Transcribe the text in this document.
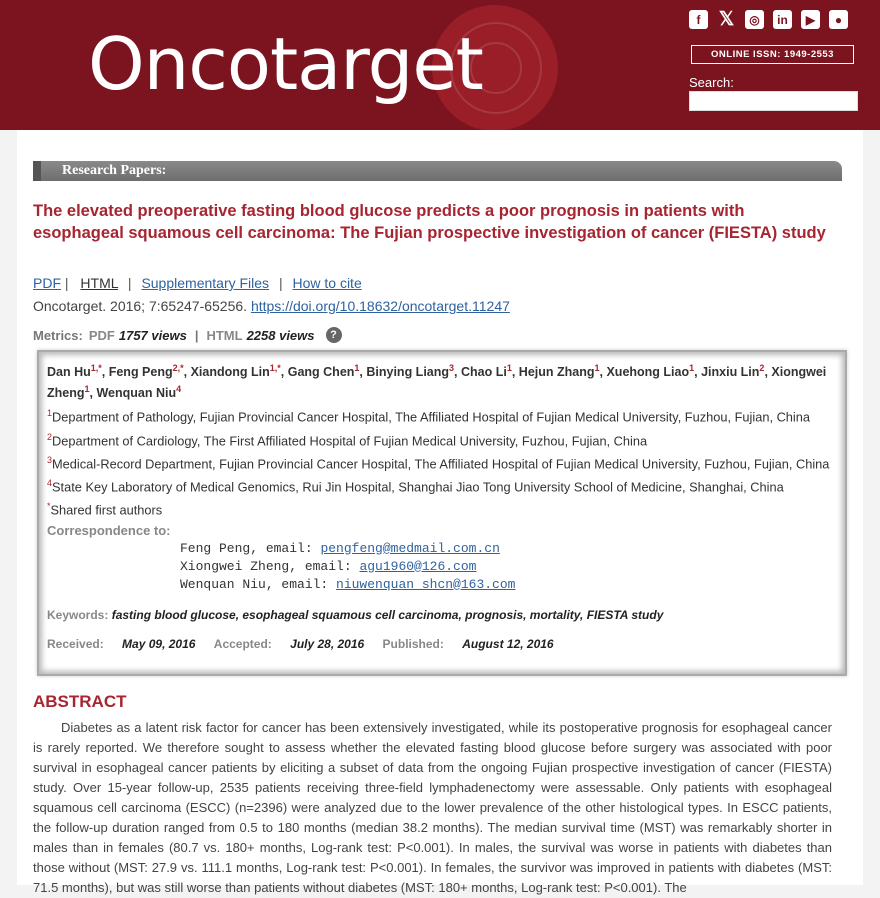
Oncotarget
f 𝕏	◎	in	▶	●
ONLINE ISSN: 1949-2553
Search:
Research Papers:
The elevated preoperative fasting blood glucose predicts a poor prognosis in patients with esophageal squamous cell carcinoma: The Fujian prospective investigation of cancer (FIESTA) study
PDF | HTML | Supplementary Files | How to cite
Oncotarget. 2016; 7:65247-65256. https://doi.org/10.18632/oncotarget.11247
Metrics: PDF 1757 views | HTML 2258 views	?
Dan $Hu^{1,*}$, Feng Peng$^{2,*}$, Xiandong Lin$^{1,*}$, Gang Chen$^1$, Binying Liang$^3$, Chao Li$^1$, Hejun Zhang$^1$, Xuehong Liao$^1$, Jinxiu Lin$^2$, Xiongwei Zheng$^1$, Wenquan Niu$^4$
$^1$Department of Pathology, Fujian Provincial Cancer Hospital, The Affiliated Hospital of Fujian Medical University, Fuzhou, Fujian, China
$^2$Department of Cardiology, The First Affiliated Hospital of Fujian Medical University, Fuzhou, Fujian, China
$^3$Medical-Record Department, Fujian Provincial Cancer Hospital, The Affiliated Hospital of Fujian Medical University, Fuzhou, Fujian, China
$^4$State Key Laboratory of Medical Genomics, Rui Jin Hospital, Shanghai Jiao Tong University School of Medicine, Shanghai, China
*Shared first authors
Correspondence to:
Feng Peng, email: pengfeng@medmail.com.cn
Xiongwei Zheng, email: agu1960@126.com
Wenquan Niu, email: niuwenquan_shcn@163.com
Keywords: fasting blood glucose, esophageal squamous cell carcinoma, prognosis, mortality, FIESTA study
Received: May 09, 2016 Accepted: July 28, 2016 Published: August 12, 2016
ABSTRACT
Diabetes as a latent risk factor for cancer has been extensively investigated, while its postoperative prognosis for esophageal cancer is rarely reported. We therefore sought to assess whether the elevated fasting blood glucose before surgery was associated with poor survival in esophageal cancer patients by eliciting a subset of data from the ongoing Fujian prospective investigation of cancer (FIESTA) study. Over 15-year follow-up, 2535 patients receiving three-field lymphadenectomy were assessable. Only patients with esophageal squamous cell carcinoma (ESCC) (n=2396) were analyzed due to the lower prevalence of the other histological types. In ESCC patients, the follow-up duration ranged from 0.5 to 180 months (median 38.2 months). The median survival time (MST) was remarkably shorter in males than in females (80.7 vs. 180+ months, Log-rank test: P<0.001). In males, the survival was worse in patients with diabetes than those without (MST: 27.9 vs. 111.1 months, Log-rank test: P<0.001). In females, the survivor was improved in patients with diabetes (MST: 71.5 months), but was still worse than patients without diabetes (MST: 180+ months, Log-rank test: P<0.001). The
